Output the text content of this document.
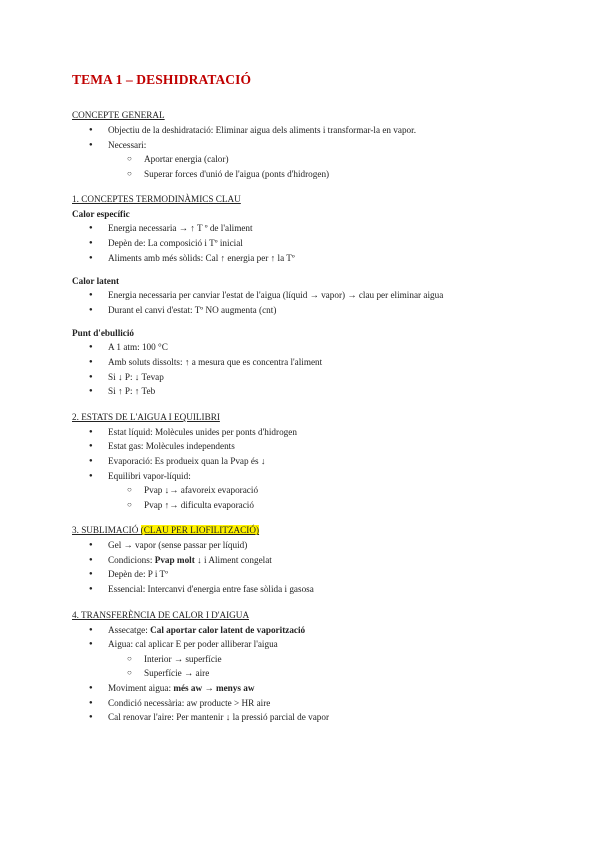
TEMA 1 – DESHIDRATACIÓ
CONCEPTE GENERAL
● Objectiu de la deshidratació: Eliminar aigua dels aliments i transformar-la en vapor.
● Necessari:
○ Aportar energia (calor)
○ Superar forces d'unió de l'aigua (ponts d'hidrogen)
1. CONCEPTES TERMODINÀMICS CLAU
Calor específic
● Energia necessaria → ↑ T º de l'aliment
● Depèn de: La composició i Tº inicial
● Aliments amb més sòlids: Cal ↑ energia per ↑ la Tº
Calor latent
● Energia necessaria per canviar l'estat de l'aigua (líquid → vapor) → clau per eliminar aigua
● Durant el canvi d'estat: Tº NO augmenta (cnt)
Punt d'ebullició
● A 1 atm: 100 °C
● Amb soluts dissolts: ↑ a mesura que es concentra l'aliment
● Si ↓ P: ↓ Tevap
● Si ↑ P: ↑ Teb
2. ESTATS DE L'AIGUA I EQUILIBRI
● Estat líquid: Molècules unides per ponts d'hidrogen
● Estat gas: Molècules independents
● Evaporació: Es produeix quan la Pvap és ↓
● Equilibri vapor-líquid:
○ Pvap ↓→ afavoreix evaporació
○ Pvap ↑→ dificulta evaporació
3. SUBLIMACIÓ (CLAU PER LIOFILITZACIÓ)
● Gel → vapor (sense passar per líquid)
● Condicions: Pvap molt ↓ i Aliment congelat
● Depèn de: P i Tº
● Essencial: Intercanvi d'energia entre fase sòlida i gasosa
4. TRANSFERÈNCIA DE CALOR I D'AIGUA
● Assecatge: Cal aportar calor latent de vaporització
● Aigua: cal aplicar E per poder alliberar l'aigua
○ Interior → superfície
○ Superfície → aire
● Moviment aigua: més aw → menys aw
● Condició necessària: aw producte > HR aire
● Cal renovar l'aire: Per mantenir ↓ la pressió parcial de vapor
